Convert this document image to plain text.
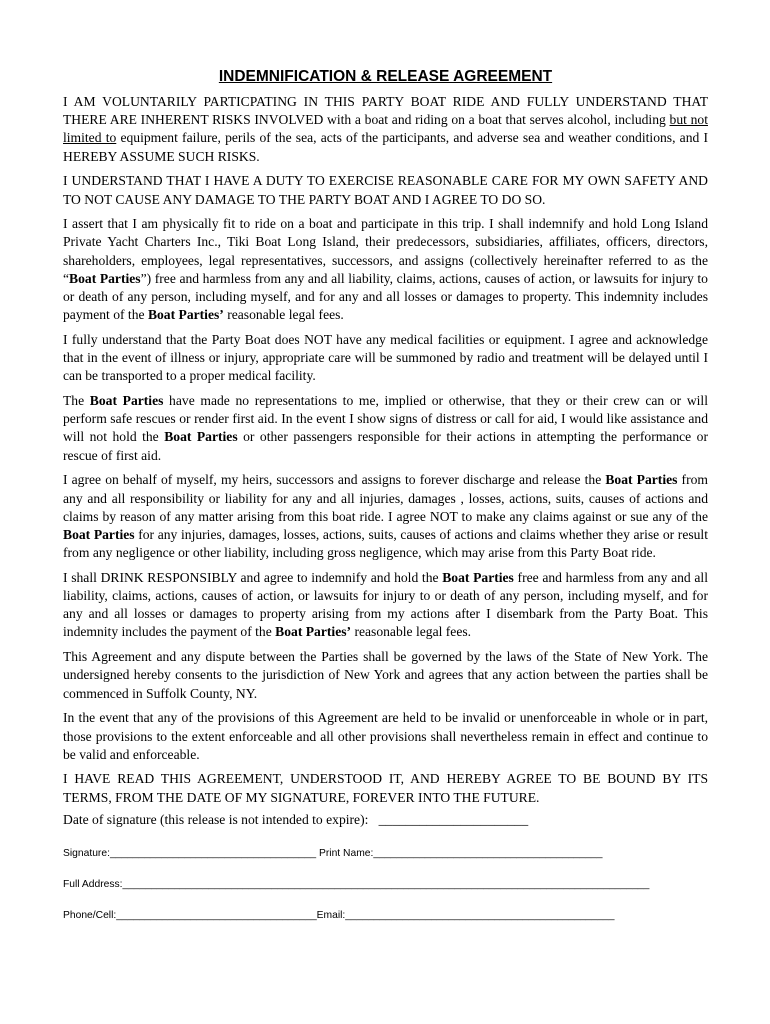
INDEMNIFICATION & RELEASE AGREEMENT

I AM VOLUNTARILY PARTICPATING IN THIS PARTY BOAT RIDE AND FULLY UNDERSTAND THAT THERE ARE INHERENT RISKS INVOLVED with a boat and riding on a boat that serves alcohol, including but not limited to equipment failure, perils of the sea, acts of the participants, and adverse sea and weather conditions, and I HEREBY ASSUME SUCH RISKS.

I UNDERSTAND THAT I HAVE A DUTY TO EXERCISE REASONABLE CARE FOR MY OWN SAFETY AND TO NOT CAUSE ANY DAMAGE TO THE PARTY BOAT AND I AGREE TO DO SO.

I assert that I am physically fit to ride on a boat and participate in this trip. I shall indemnify and hold Long Island Private Yacht Charters Inc., Tiki Boat Long Island, their predecessors, subsidiaries, affiliates, officers, directors, shareholders, employees, legal representatives, successors, and assigns (collectively hereinafter referred to as the “Boat Parties”) free and harmless from any and all liability, claims, actions, causes of action, or lawsuits for injury to or death of any person, including myself, and for any and all losses or damages to property. This indemnity includes payment of the Boat Parties’ reasonable legal fees.

I fully understand that the Party Boat does NOT have any medical facilities or equipment. I agree and acknowledge that in the event of illness or injury, appropriate care will be summoned by radio and treatment will be delayed until I can be transported to a proper medical facility.

The Boat Parties have made no representations to me, implied or otherwise, that they or their crew can or will perform safe rescues or render first aid. In the event I show signs of distress or call for aid, I would like assistance and will not hold the Boat Parties or other passengers responsible for their actions in attempting the performance or rescue of first aid.

I agree on behalf of myself, my heirs, successors and assigns to forever discharge and release the Boat Parties from any and all responsibility or liability for any and all injuries, damages , losses, actions, suits, causes of actions and claims by reason of any matter arising from this boat ride. I agree NOT to make any claims against or sue any of the Boat Parties for any injuries, damages, losses, actions, suits, causes of actions and claims whether they arise or result from any negligence or other liability, including gross negligence, which may arise from this Party Boat ride.

I shall DRINK RESPONSIBLY and agree to indemnify and hold the Boat Parties free and harmless from any and all liability, claims, actions, causes of action, or lawsuits for injury to or death of any person, including myself, and for any and all losses or damages to property arising from my actions after I disembark from the Party Boat. This indemnity includes the payment of the Boat Parties’ reasonable legal fees.

This Agreement and any dispute between the Parties shall be governed by the laws of the State of New York. The undersigned hereby consents to the jurisdiction of New York and agrees that any action between the parties shall be commenced in Suffolk County, NY.

In the event that any of the provisions of this Agreement are held to be invalid or unenforceable in whole or in part, those provisions to the extent enforceable and all other provisions shall nevertheless remain in effect and continue to be valid and enforceable.

I HAVE READ THIS AGREEMENT, UNDERSTOOD IT, AND HEREBY AGREE TO BE BOUND BY ITS TERMS, FROM THE DATE OF MY SIGNATURE, FOREVER INTO THE FUTURE.

Date of signature (this release is not intended to expire): ______________________
Signature:____________________________________ Print Name:________________________________________
Full Address:____________________________________________________________________________________________
Phone/Cell:___________________________________Email:_______________________________________________
